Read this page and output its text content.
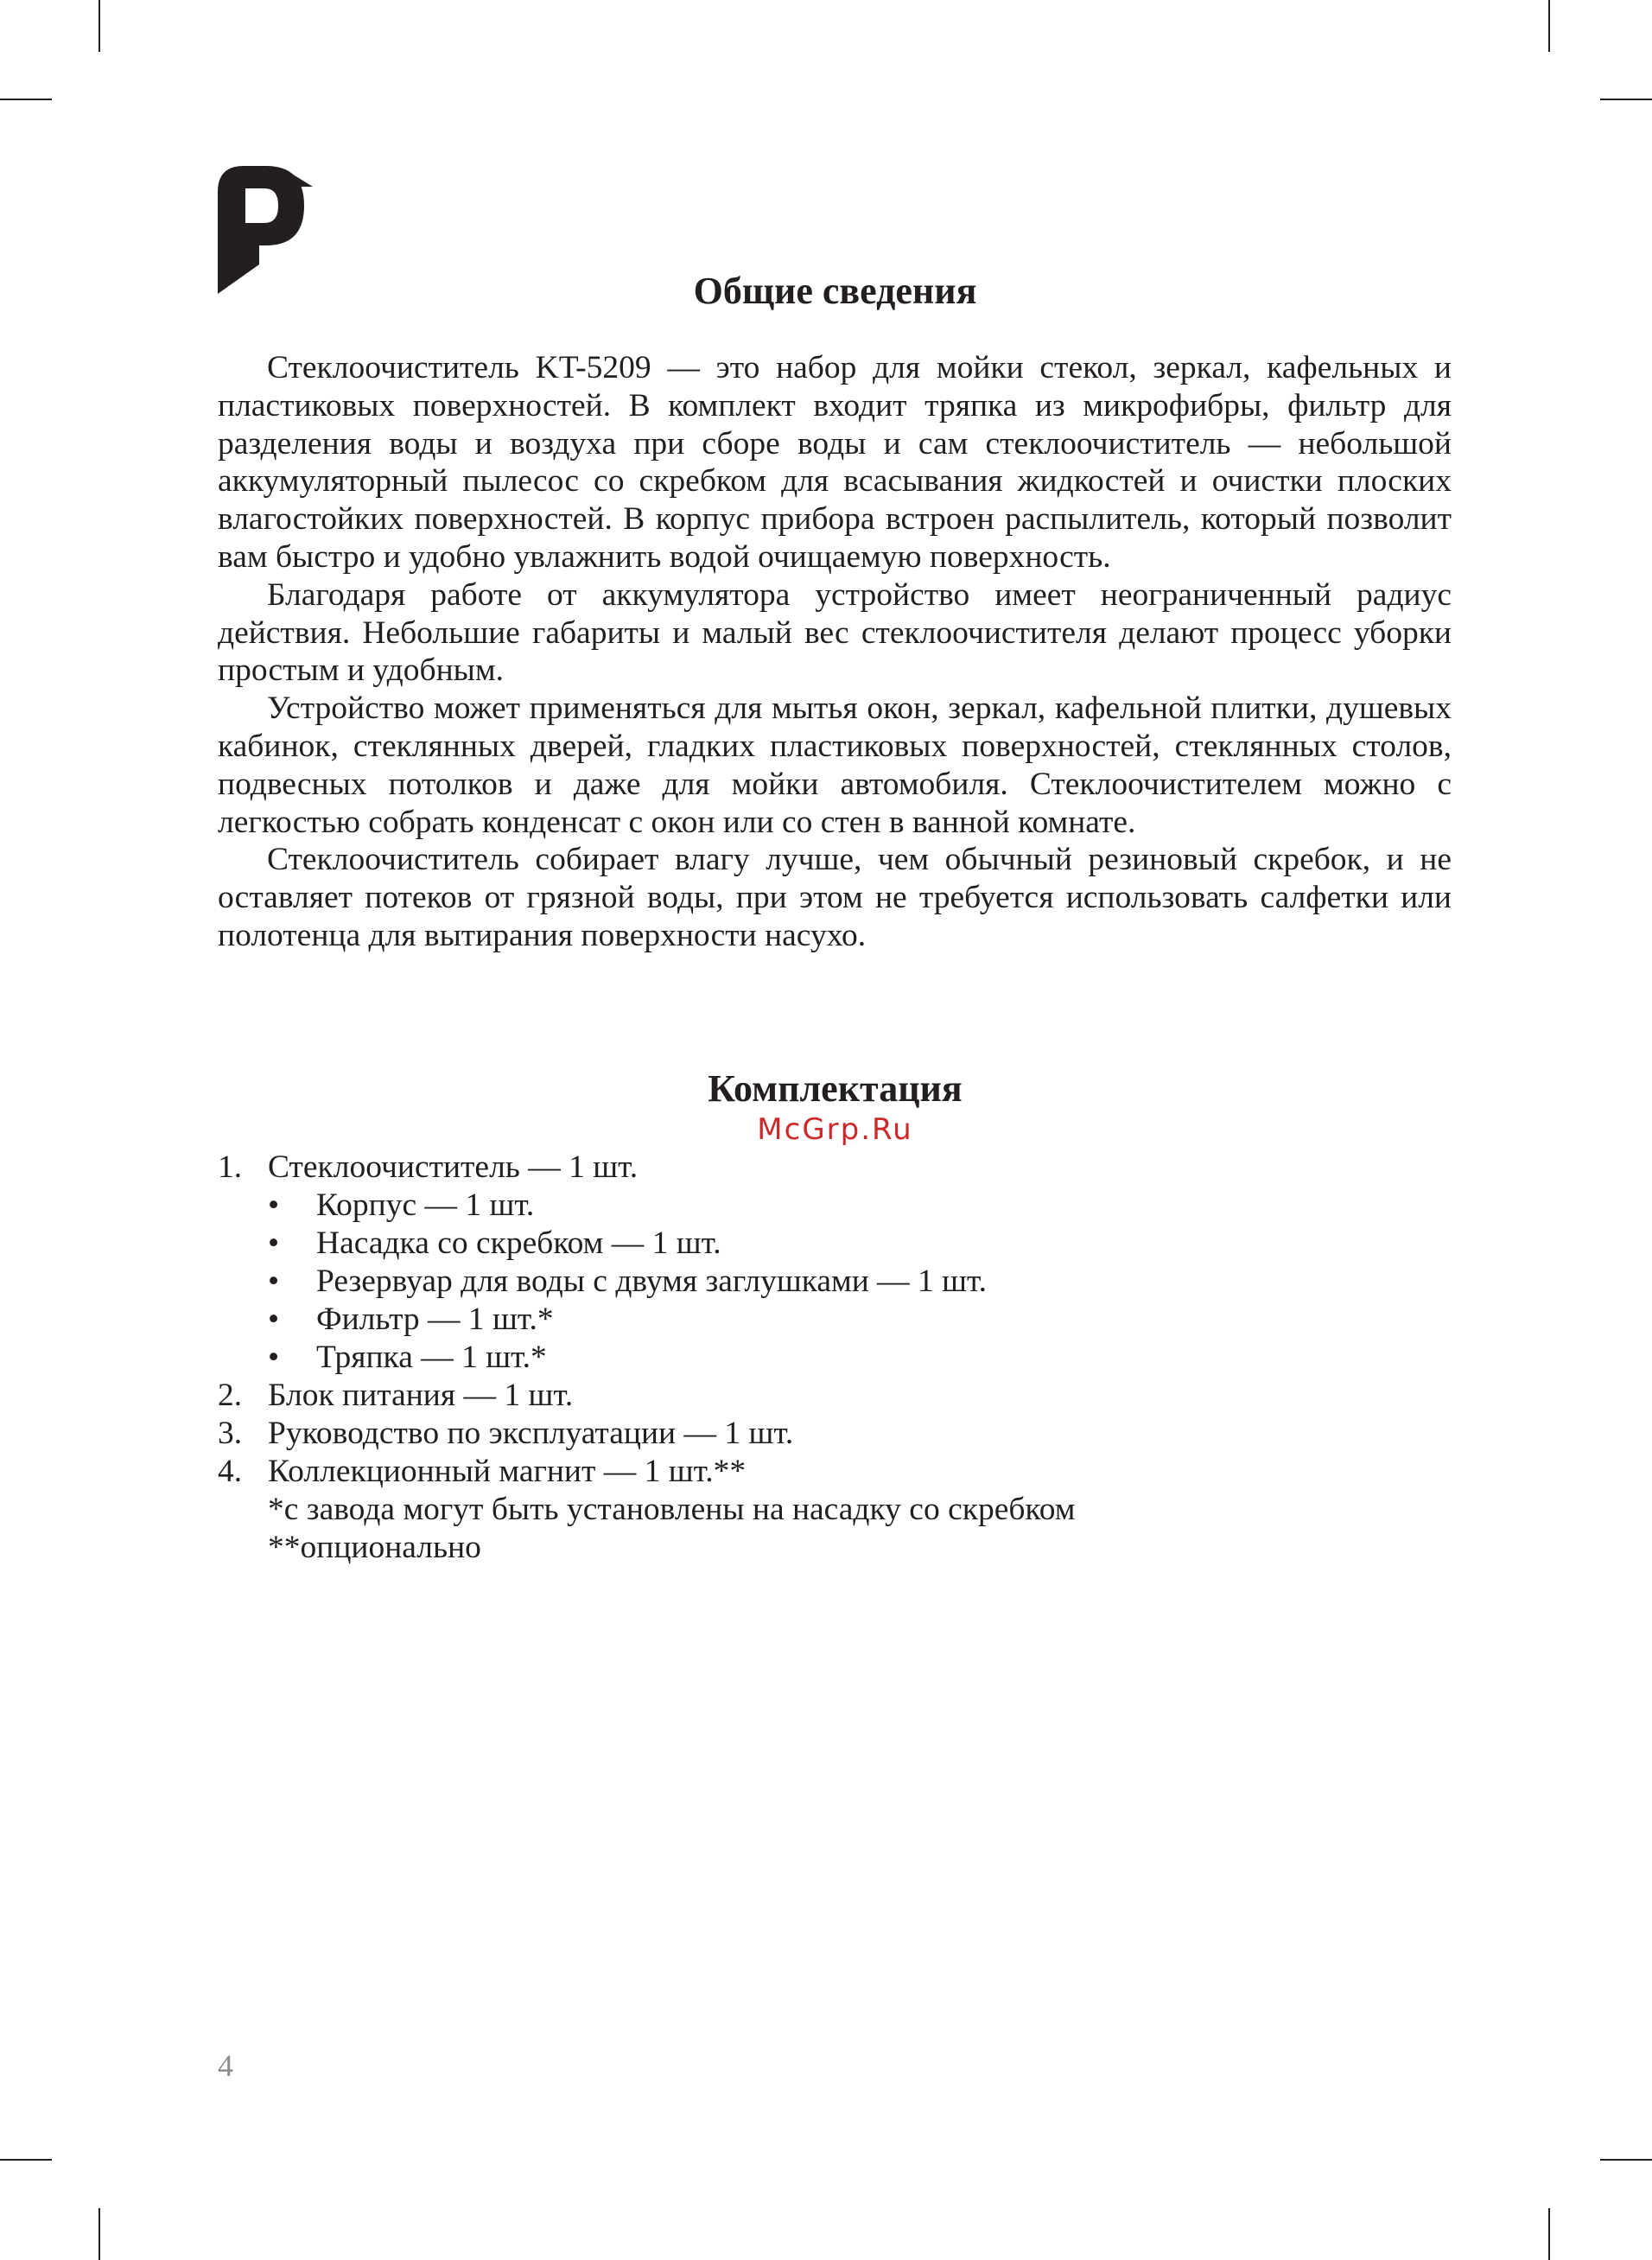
Общие сведения

Стеклоочиститель KT-5209 — это набор для мойки стекол, зеркал, кафельных и пластиковых поверхностей. В комплект входит тряпка из микрофибры, фильтр для разделения воды и воздуха при сборе воды и сам стеклоочиститель — небольшой аккумуляторный пылесос со скребком для всасывания жидкостей и очистки плоских влагостойких поверхностей. В корпус прибора встроен распылитель, который позволит вам быстро и удобно увлажнить водой очищаемую поверхность.

Благодаря работе от аккумулятора устройство имеет неограниченный радиус действия. Небольшие габариты и малый вес стеклоочистителя делают процесс уборки простым и удобным.

Устройство может применяться для мытья окон, зеркал, кафельной плитки, душевых кабинок, стеклянных дверей, гладких пластиковых поверхностей, стеклянных столов, подвесных потолков и даже для мойки автомобиля. Стеклоочистителем можно с легкостью собрать конденсат с окон или со стен в ванной комнате.

Стеклоочиститель собирает влагу лучше, чем обычный резиновый скребок, и не оставляет потеков от грязной воды, при этом не требуется использовать салфетки или полотенца для вытирания поверхности насухо.

Комплектация
McGrp.Ru
1. Стеклоочиститель — 1 шт.
•	Корпус — 1 шт.
•	Насадка со скребком — 1 шт.
•	Резервуар для воды с двумя заглушками — 1 шт.
•	Фильтр — 1 шт.*
•	Тряпка — 1 шт.*
2. Блок питания — 1 шт.
3. Руководство по эксплуатации — 1 шт.
4. Коллекционный магнит — 1 шт.**
*с завода могут быть установлены на насадку со скребком
**опционально
4
